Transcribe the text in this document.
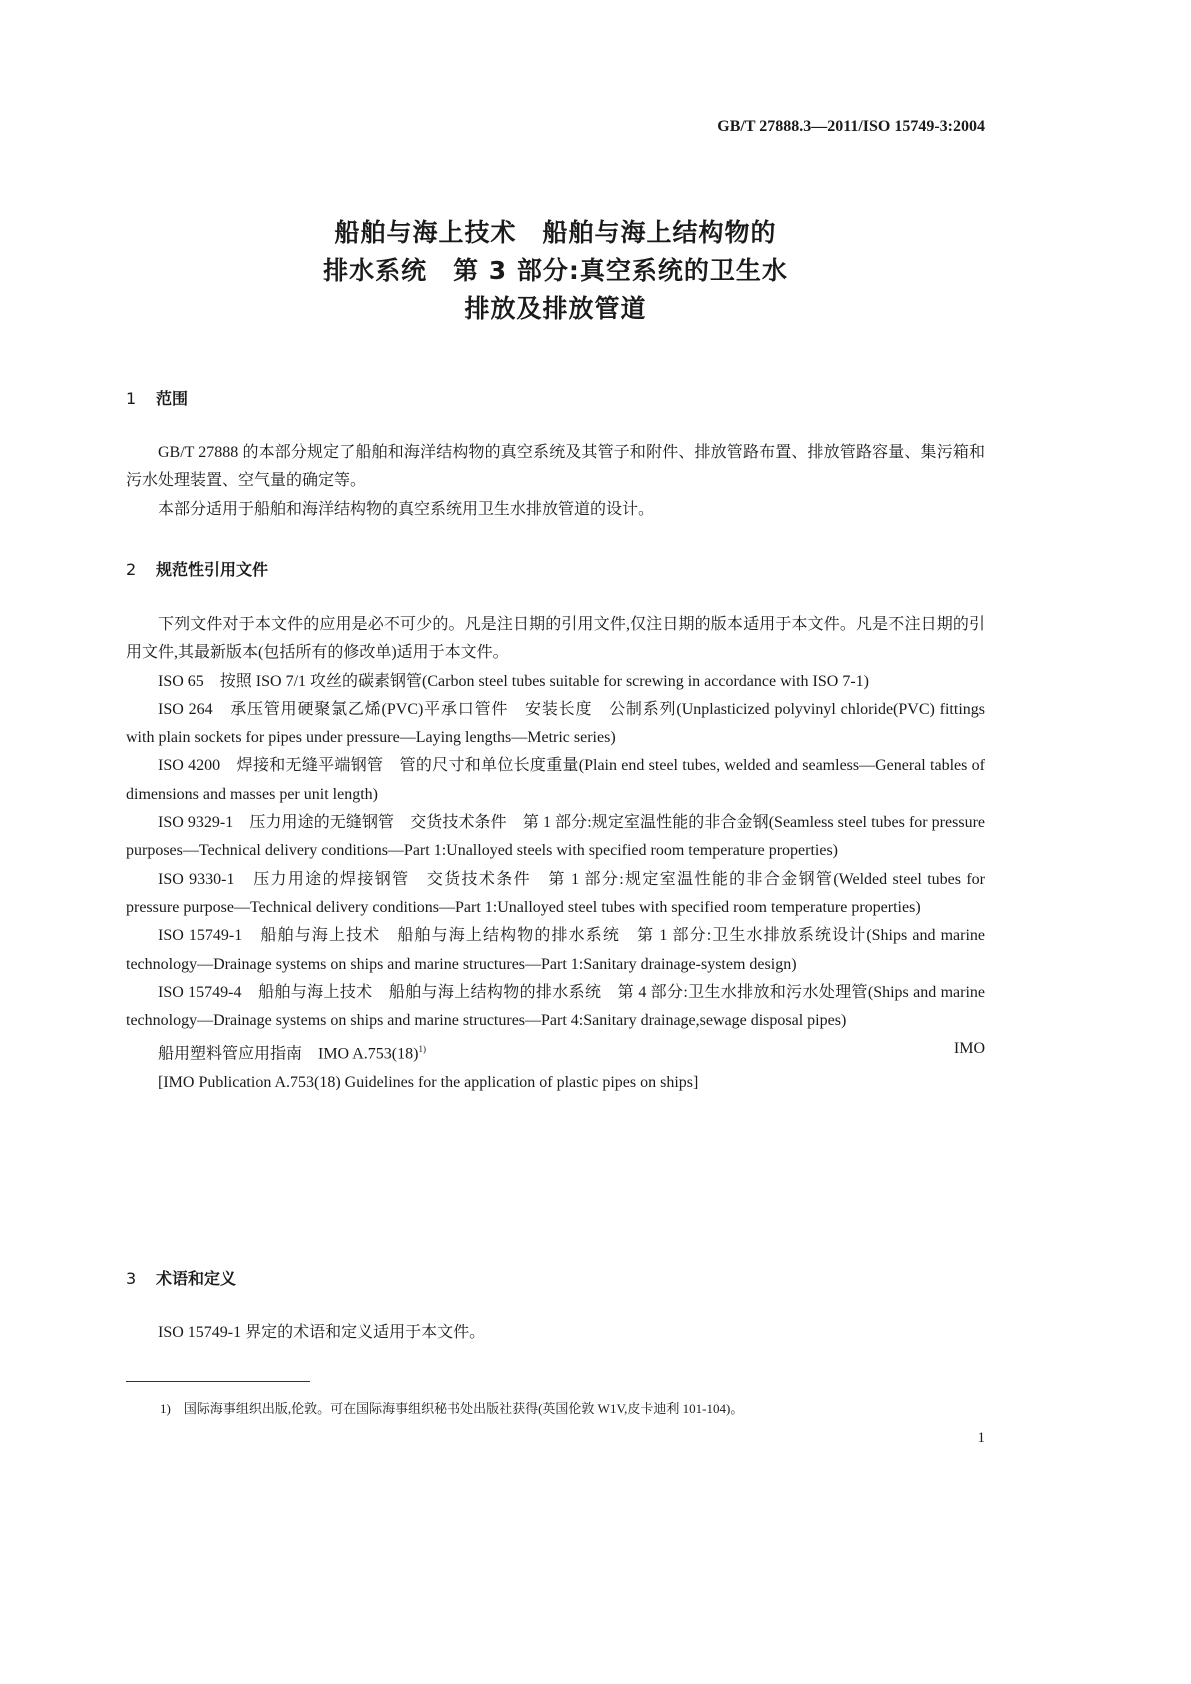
GB/T 27888.3—2011/ISO 15749-3:2004
船舶与海上技术　船舶与海上结构物的
排水系统　第 3 部分:真空系统的卫生水
排放及排放管道
1 范围

GB/T 27888 的本部分规定了船舶和海洋结构物的真空系统及其管子和附件、排放管路布置、排放管路容量、集污箱和污水处理装置、空气量的确定等。

本部分适用于船舶和海洋结构物的真空系统用卫生水排放管道的设计。

2 规范性引用文件

下列文件对于本文件的应用是必不可少的。凡是注日期的引用文件,仅注日期的版本适用于本文件。凡是不注日期的引用文件,其最新版本(包括所有的修改单)适用于本文件。

ISO 65　按照 ISO 7/1 攻丝的碳素钢管(Carbon steel tubes suitable for screwing in accordance with ISO 7-1)

ISO 264　承压管用硬聚氯乙烯(PVC)平承口管件　安装长度　公制系列(Unplasticized polyvinyl chloride(PVC) fittings with plain sockets for pipes under pressure—Laying lengths—Metric series)

ISO 4200　焊接和无缝平端钢管　管的尺寸和单位长度重量(Plain end steel tubes, welded and seamless—General tables of dimensions and masses per unit length)

ISO 9329-1　压力用途的无缝钢管　交货技术条件　第 1 部分:规定室温性能的非合金钢(Seamless steel tubes for pressure purposes—Technical delivery conditions—Part 1:Unalloyed steels with specified room temperature properties)

ISO 9330-1　压力用途的焊接钢管　交货技术条件　第 1 部分:规定室温性能的非合金钢管(Welded steel tubes for pressure purpose—Technical delivery conditions—Part 1:Unalloyed steel tubes with specified room temperature properties)

ISO 15749-1　船舶与海上技术　船舶与海上结构物的排水系统　第 1 部分:卫生水排放系统设计(Ships and marine technology—Drainage systems on ships and marine structures—Part 1:Sanitary drainage-system design)

ISO 15749-4　船舶与海上技术　船舶与海上结构物的排水系统　第 4 部分:卫生水排放和污水处理管(Ships and marine technology—Drainage systems on ships and marine structures—Part 4:Sanitary drainage,sewage disposal pipes)

船用塑料管应用指南　IMO $A.753(18)^{1)}$	IMO

[IMO Publication A.753(18) Guidelines for the application of plastic pipes on ships]

3 术语和定义

ISO 15749-1 界定的术语和定义适用于本文件。

1) 国际海事组织出版,伦敦。可在国际海事组织秘书处出版社获得(英国伦敦 W1V,皮卡迪利 101-104)。
1
